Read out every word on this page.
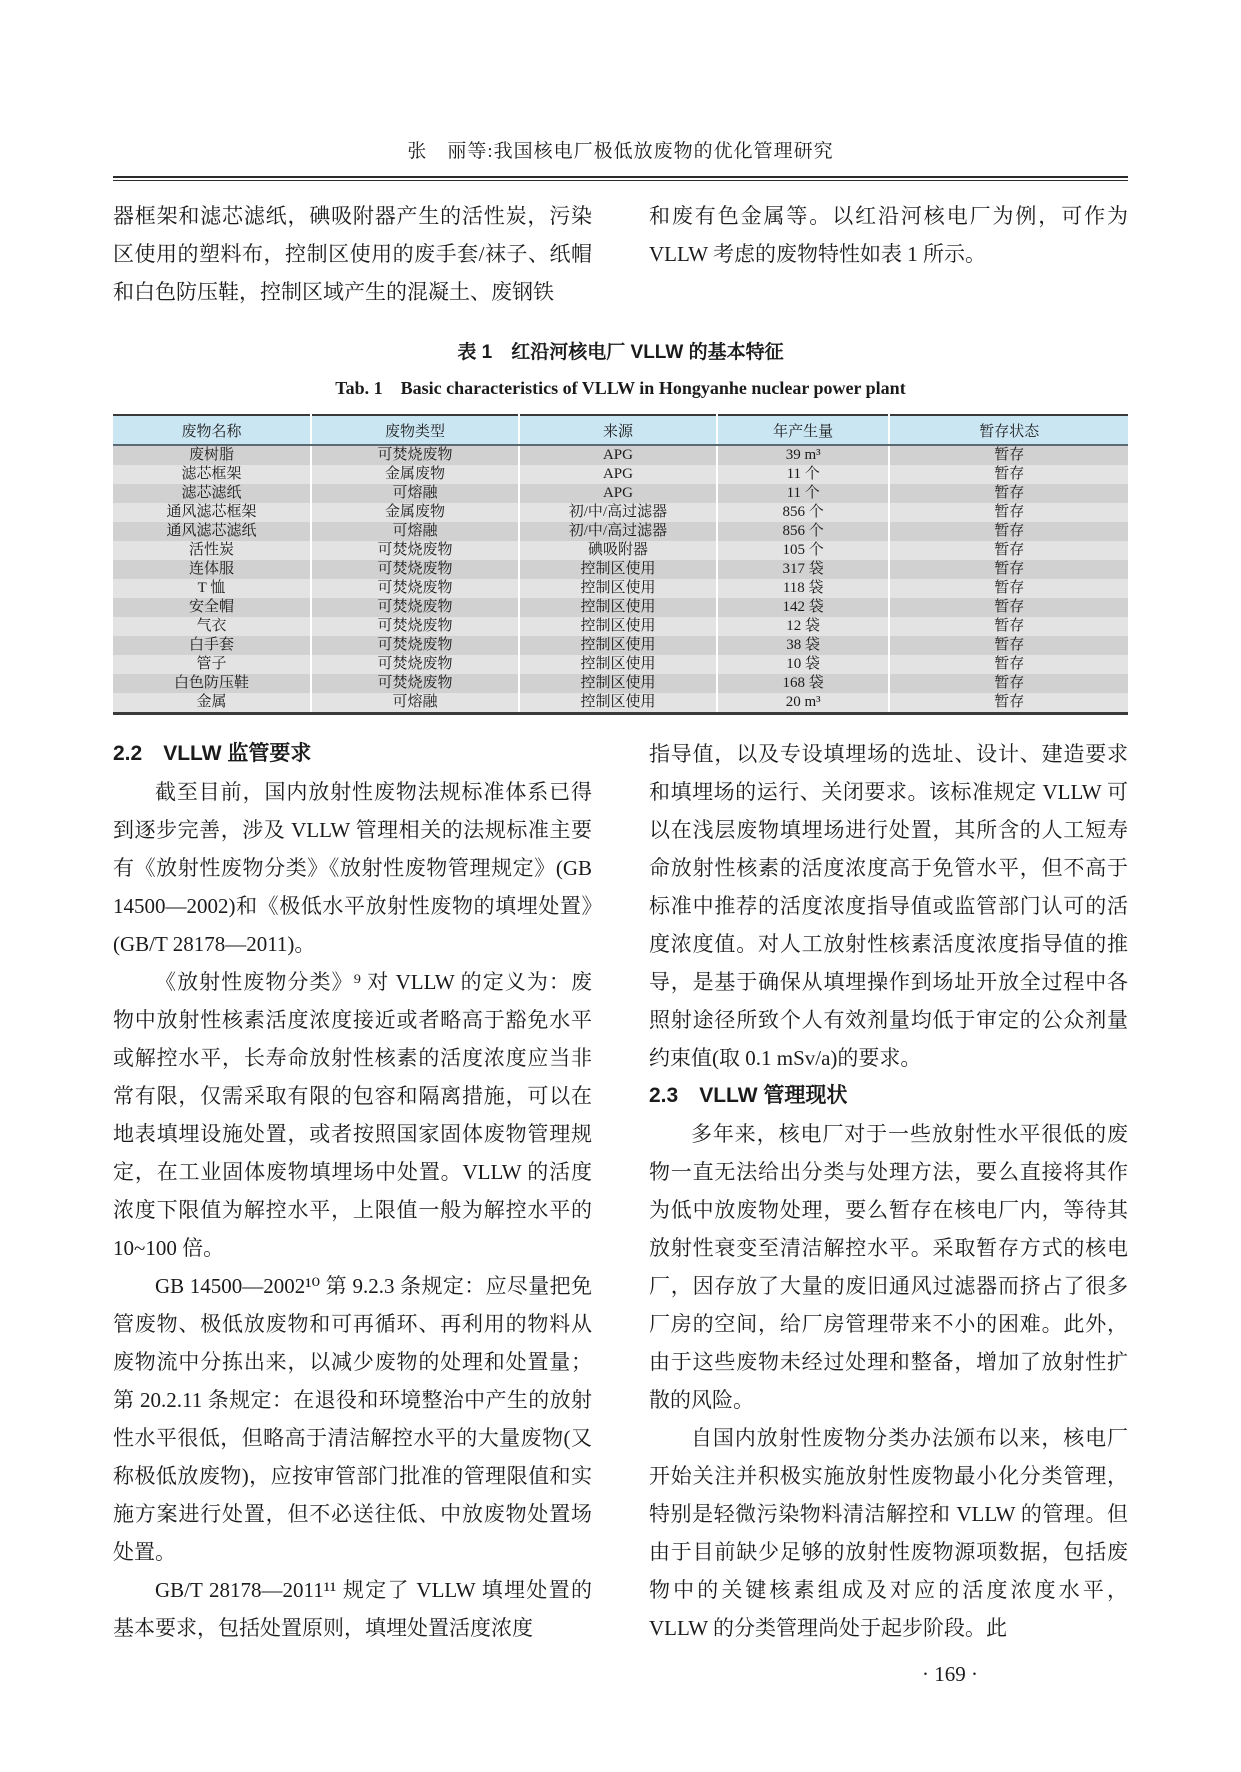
张　丽等:我国核电厂极低放废物的优化管理研究

器框架和滤芯滤纸，碘吸附器产生的活性炭，污染区使用的塑料布，控制区使用的废手套/袜子、纸帽和白色防压鞋，控制区域产生的混凝土、废钢铁

和废有色金属等。以红沿河核电厂为例，可作为 VLLW 考虑的废物特性如表 1 所示。

表 1　红沿河核电厂 VLLW 的基本特征
Tab. 1　Basic characteristics of VLLW in Hongyanhe nuclear power plant
废物名称	废物类型	来源	年产生量	暂存状态
废树脂	可焚烧废物	APG	39 m³	暂存
滤芯框架	金属废物	APG	11 个	暂存
滤芯滤纸	可熔融	APG	11 个	暂存
通风滤芯框架	金属废物	初/中/高过滤器	856 个	暂存
通风滤芯滤纸	可熔融	初/中/高过滤器	856 个	暂存
活性炭	可焚烧废物	碘吸附器	105 个	暂存
连体服	可焚烧废物	控制区使用	317 袋	暂存
T 恤	可焚烧废物	控制区使用	118 袋	暂存
安全帽	可焚烧废物	控制区使用	142 袋	暂存
气衣	可焚烧废物	控制区使用	12 袋	暂存
白手套	可焚烧废物	控制区使用	38 袋	暂存
管子	可焚烧废物	控制区使用	10 袋	暂存
白色防压鞋	可焚烧废物	控制区使用	168 袋	暂存
金属	可熔融	控制区使用	20 m³	暂存
2.2　VLLW 监管要求

截至目前，国内放射性废物法规标准体系已得到逐步完善，涉及 VLLW 管理相关的法规标准主要有《放射性废物分类》《放射性废物管理规定》(GB 14500—2002)和《极低水平放射性废物的填埋处置》(GB/T 28178—2011)。

《放射性废物分类》⁹ 对 VLLW 的定义为：废物中放射性核素活度浓度接近或者略高于豁免水平或解控水平，长寿命放射性核素的活度浓度应当非常有限，仅需采取有限的包容和隔离措施，可以在地表填埋设施处置，或者按照国家固体废物管理规定，在工业固体废物填埋场中处置。VLLW 的活度浓度下限值为解控水平，上限值一般为解控水平的 10~100 倍。

GB 14500—2002¹⁰ 第 9.2.3 条规定：应尽量把免管废物、极低放废物和可再循环、再利用的物料从废物流中分拣出来，以减少废物的处理和处置量；第 20.2.11 条规定：在退役和环境整治中产生的放射性水平很低，但略高于清洁解控水平的大量废物(又称极低放废物)，应按审管部门批准的管理限值和实施方案进行处置，但不必送往低、中放废物处置场处置。

GB/T 28178—2011¹¹ 规定了 VLLW 填埋处置的基本要求，包括处置原则，填埋处置活度浓度

指导值，以及专设填埋场的选址、设计、建造要求和填埋场的运行、关闭要求。该标准规定 VLLW 可以在浅层废物填埋场进行处置，其所含的人工短寿命放射性核素的活度浓度高于免管水平，但不高于标准中推荐的活度浓度指导值或监管部门认可的活度浓度值。对人工放射性核素活度浓度指导值的推导，是基于确保从填埋操作到场址开放全过程中各照射途径所致个人有效剂量均低于审定的公众剂量约束值(取 0.1 mSv/a)的要求。

2.3　VLLW 管理现状

多年来，核电厂对于一些放射性水平很低的废物一直无法给出分类与处理方法，要么直接将其作为低中放废物处理，要么暂存在核电厂内，等待其放射性衰变至清洁解控水平。采取暂存方式的核电厂，因存放了大量的废旧通风过滤器而挤占了很多厂房的空间，给厂房管理带来不小的困难。此外，由于这些废物未经过处理和整备，增加了放射性扩散的风险。

自国内放射性废物分类办法颁布以来，核电厂开始关注并积极实施放射性废物最小化分类管理，特别是轻微污染物料清洁解控和 VLLW 的管理。但由于目前缺少足够的放射性废物源项数据，包括废物中的关键核素组成及对应的活度浓度水平，VLLW 的分类管理尚处于起步阶段。此

· 169 ·
